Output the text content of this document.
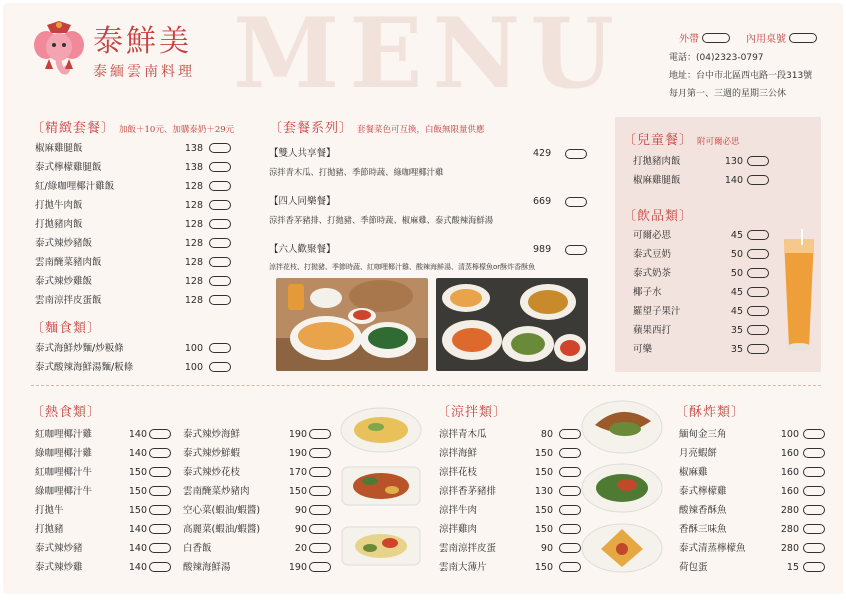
MENU
泰鮮美
泰緬雲南料理
外帶	內用桌號
電話：(04)2323-0797
地址：台中市北區西屯路一段313號
每月第一、三週的星期三公休
〔精緻套餐〕 加飯＋10元、加購泰奶＋29元
椒麻雞腿飯	138
泰式檸檬雞腿飯	138
紅/綠咖哩椰汁雞飯	128
打拋牛肉飯	128
打拋豬肉飯	128
泰式辣炒豬飯	128
雲南醃菜豬肉飯	128
泰式辣炒雞飯	128
雲南涼拌皮蛋飯	128
〔麵食類〕
泰式海鮮炒麵/炒粄條	100
泰式酸辣海鮮湯麵/粄條	100
〔套餐系列〕 套餐菜色可互換，白飯無限量供應
【雙人共享餐】	429
涼拌青木瓜、打拋豬、季節時蔬、綠咖哩椰汁雞
【四人同樂餐】	669
涼拌香茅豬排、打拋豬、季節時蔬、椒麻雞、泰式酸辣海鮮湯
【六人歡聚餐】	989
涼拌花枝、打拋豬、季節時蔬、紅咖哩椰汁雞、酸辣海鮮湯、清蒸檸檬魚or酥炸香酥魚
〔兒童餐〕 附可爾必思
打拋豬肉飯	130
椒麻雞腿飯	140
〔飲品類〕
可爾必思	45
泰式豆奶	50
泰式奶茶	50
椰子水	45
羅望子果汁	45
蘋果西打	35
可樂	35
〔熱食類〕
紅咖哩椰汁雞	140
綠咖哩椰汁雞	140
紅咖哩椰汁牛	150
綠咖哩椰汁牛	150
打拋牛	150
打拋豬	140
泰式辣炒豬	140
泰式辣炒雞	140
泰式辣炒海鮮	190
泰式辣炒鮮蝦	190
泰式辣炒花枝	170
雲南醃菜炒豬肉	150
空心菜(蝦油/蝦醬)	90
高麗菜(蝦油/蝦醬)	90
白香飯	20
酸辣海鮮湯	190
〔涼拌類〕
涼拌青木瓜	80
涼拌海鮮	150
涼拌花枝	150
涼拌香茅豬排	130
涼拌牛肉	150
涼拌雞肉	150
雲南涼拌皮蛋	90
雲南大薄片	150
〔酥炸類〕
緬甸金三角	100
月亮蝦餅	160
椒麻雞	160
泰式檸檬雞	160
酸辣香酥魚	280
香酥三味魚	280
泰式清蒸檸檬魚	280
荷包蛋	15
